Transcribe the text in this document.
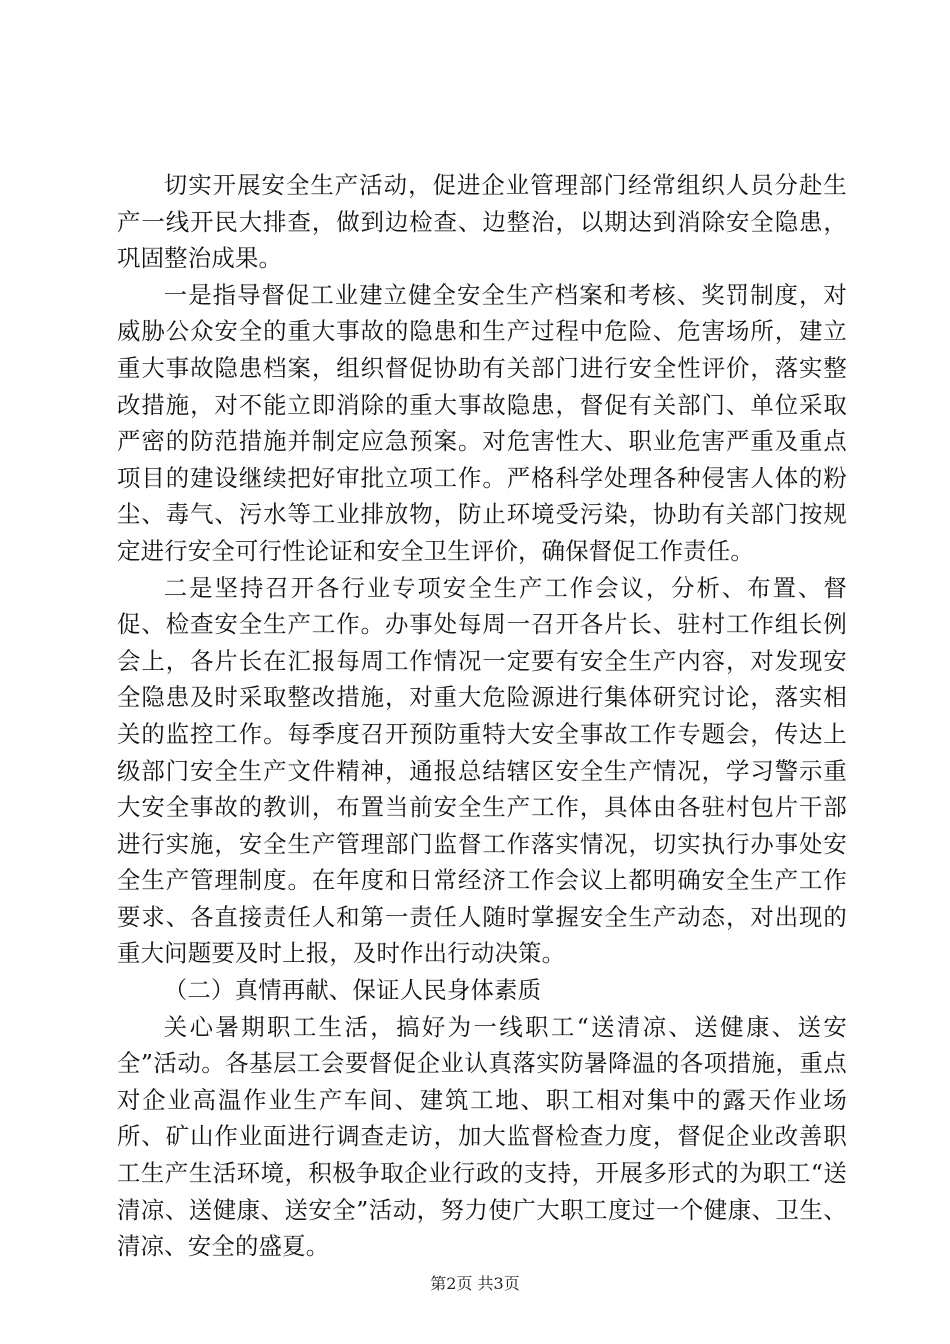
切实开展安全生产活动，促进企业管理部门经常组织人员分赴生产一线开民大排查，做到边检查、边整治，以期达到消除安全隐患，巩固整治成果。

一是指导督促工业建立健全安全生产档案和考核、奖罚制度，对威胁公众安全的重大事故的隐患和生产过程中危险、危害场所，建立重大事故隐患档案，组织督促协助有关部门进行安全性评价，落实整改措施，对不能立即消除的重大事故隐患，督促有关部门、单位采取严密的防范措施并制定应急预案。对危害性大、职业危害严重及重点项目的建设继续把好审批立项工作。严格科学处理各种侵害人体的粉尘、毒气、污水等工业排放物，防止环境受污染，协助有关部门按规定进行安全可行性论证和安全卫生评价，确保督促工作责任。

二是坚持召开各行业专项安全生产工作会议，分析、布置、督促、检查安全生产工作。办事处每周一召开各片长、驻村工作组长例会上，各片长在汇报每周工作情况一定要有安全生产内容，对发现安全隐患及时采取整改措施，对重大危险源进行集体研究讨论，落实相关的监控工作。每季度召开预防重特大安全事故工作专题会，传达上级部门安全生产文件精神，通报总结辖区安全生产情况，学习警示重大安全事故的教训，布置当前安全生产工作，具体由各驻村包片干部进行实施，安全生产管理部门监督工作落实情况，切实执行办事处安全生产管理制度。在年度和日常经济工作会议上都明确安全生产工作要求、各直接责任人和第一责任人随时掌握安全生产动态，对出现的重大问题要及时上报，及时作出行动决策。

（二）真情再献、保证人民身体素质

关心暑期职工生活，搞好为一线职工“送清凉、送健康、送安全”活动。各基层工会要督促企业认真落实防暑降温的各项措施，重点对企业高温作业生产车间、建筑工地、职工相对集中的露天作业场所、矿山作业面进行调查走访，加大监督检查力度，督促企业改善职工生产生活环境，积极争取企业行政的支持，开展多形式的为职工“送清凉、送健康、送安全”活动，努力使广大职工度过一个健康、卫生、清凉、安全的盛夏。

第2页 共3页
